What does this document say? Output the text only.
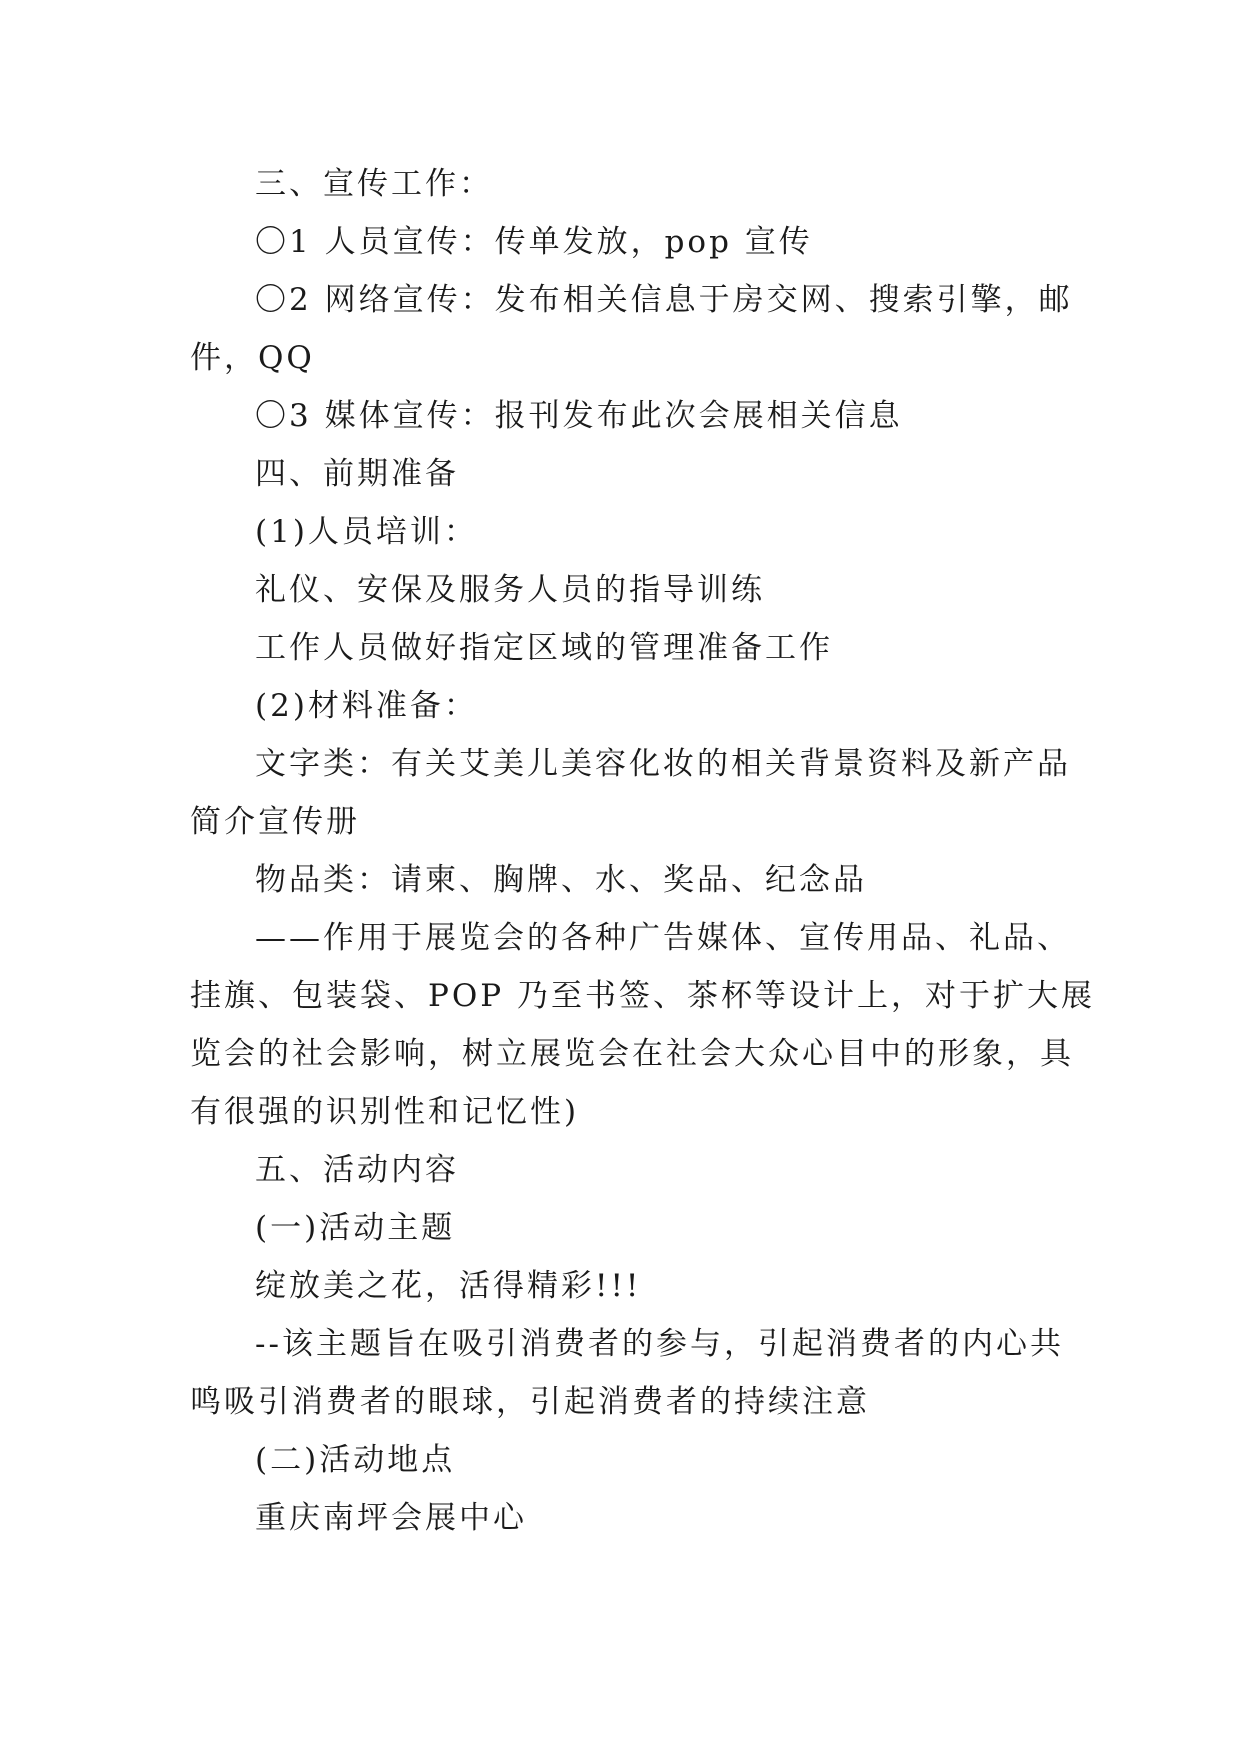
三、宣传工作：
〇1 人员宣传：传单发放，pop 宣传
〇2 网络宣传：发布相关信息于房交网、搜索引擎，邮
件，QQ
〇3 媒体宣传：报刊发布此次会展相关信息
四、前期准备
(1)人员培训：
礼仪、安保及服务人员的指导训练
工作人员做好指定区域的管理准备工作
(2)材料准备：
文字类：有关艾美儿美容化妆的相关背景资料及新产品
简介宣传册
物品类：请柬、胸牌、水、奖品、纪念品
——作用于展览会的各种广告媒体、宣传用品、礼品、
挂旗、包装袋、POP 乃至书签、茶杯等设计上，对于扩大展
览会的社会影响，树立展览会在社会大众心目中的形象，具
有很强的识别性和记忆性)
五、活动内容
(一)活动主题
绽放美之花，活得精彩!!!
--该主题旨在吸引消费者的参与，引起消费者的内心共
鸣吸引消费者的眼球，引起消费者的持续注意
(二)活动地点
重庆南坪会展中心
